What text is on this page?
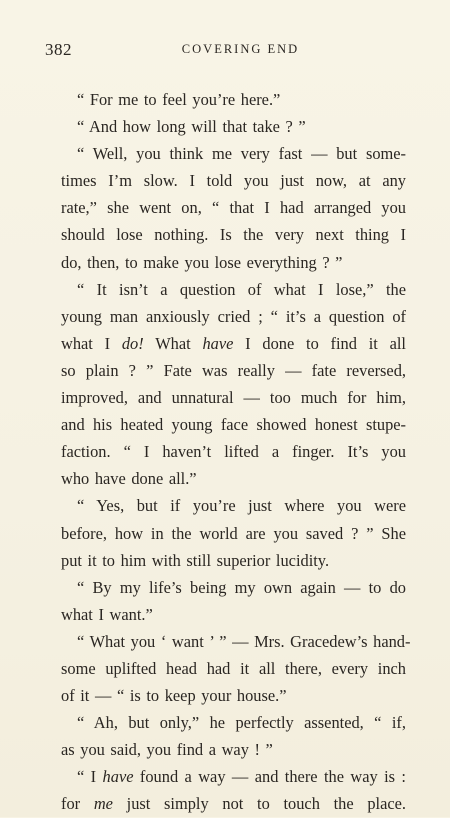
382	COVERING END
“ For me to feel you’re here.”
“ And how long will that take ? ”
“ Well, you think me very fast — but some-
times I’m slow. I told you just now, at any
rate,” she went on, “ that I had arranged you
should lose nothing. Is the very next thing I
do, then, to make you lose everything ? ”
“ It isn’t a question of what I lose,” the
young man anxiously cried ; “ it’s a question of
what I do! What have I done to find it all
so plain ? ” Fate was really — fate reversed,
improved, and unnatural — too much for him,
and his heated young face showed honest stupe-
faction. “ I haven’t lifted a finger. It’s you
who have done all.”
“ Yes, but if you’re just where you were
before, how in the world are you saved ? ” She
put it to him with still superior lucidity.
“ By my life’s being my own again — to do
what I want.”
“ What you ‘ want ’ ” — Mrs. Gracedew’s hand-
some uplifted head had it all there, every inch
of it — “ is to keep your house.”
“ Ah, but only,” he perfectly assented, “ if,
as you said, you find a way ! ”
“ I have found a way — and there the way is :
for me just simply not to touch the place.
